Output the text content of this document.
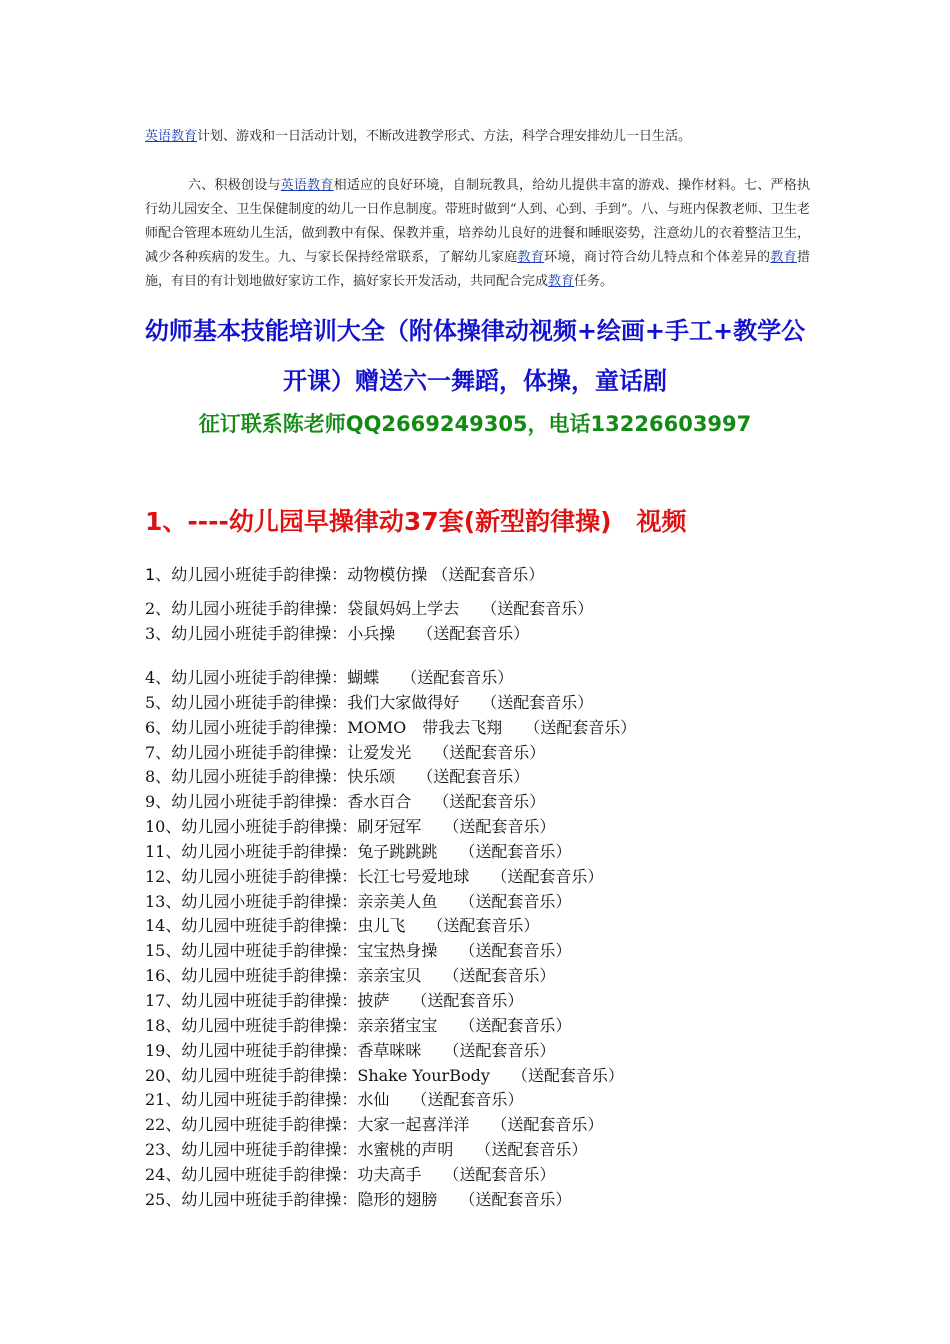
英语教育计划、游戏和一日活动计划，不断改进教学形式、方法，科学合理安排幼儿一日生活。
六、积极创设与英语教育相适应的良好环境，自制玩教具，给幼儿提供丰富的游戏、操作材料。七、严格执行幼儿园安全、卫生保健制度的幼儿一日作息制度。带班时做到“人到、心到、手到”。八、与班内保教老师、卫生老师配合管理本班幼儿生活，做到教中有保、保教并重，培养幼儿良好的进餐和睡眠姿势，注意幼儿的衣着整洁卫生，减少各种疾病的发生。九、与家长保持经常联系，了解幼儿家庭教育环境，商讨符合幼儿特点和个体差异的教育措施，有目的有计划地做好家访工作，搞好家长开发活动，共同配合完成教育任务。
幼师基本技能培训大全（附体操律动视频+绘画+手工+教学公开课）赠送六一舞蹈，体操，童话剧
征订联系陈老师QQ2669249305，电话13226603997
1、----幼儿园早操律动37套(新型韵律操)　视频
1、幼儿园小班徒手韵律操：动物模仿操 （送配套音乐）
2、幼儿园小班徒手韵律操：袋鼠妈妈上学去 （送配套音乐）
3、幼儿园小班徒手韵律操：小兵操 （送配套音乐）
4、幼儿园小班徒手韵律操：蝴蝶 （送配套音乐）
5、幼儿园小班徒手韵律操：我们大家做得好 （送配套音乐）
6、幼儿园小班徒手韵律操：MOMO　带我去飞翔 （送配套音乐）
7、幼儿园小班徒手韵律操：让爱发光 （送配套音乐）
8、幼儿园小班徒手韵律操：快乐颂 （送配套音乐）
9、幼儿园小班徒手韵律操：香水百合 （送配套音乐）
10、幼儿园小班徒手韵律操：刷牙冠军 （送配套音乐）
11、幼儿园小班徒手韵律操：兔子跳跳跳 （送配套音乐）
12、幼儿园小班徒手韵律操：长江七号爱地球 （送配套音乐）
13、幼儿园小班徒手韵律操：亲亲美人鱼 （送配套音乐）
14、幼儿园中班徒手韵律操：虫儿飞 （送配套音乐）
15、幼儿园中班徒手韵律操：宝宝热身操 （送配套音乐）
16、幼儿园中班徒手韵律操：亲亲宝贝 （送配套音乐）
17、幼儿园中班徒手韵律操：披萨 （送配套音乐）
18、幼儿园中班徒手韵律操：亲亲猪宝宝 （送配套音乐）
19、幼儿园中班徒手韵律操：香草咪咪 （送配套音乐）
20、幼儿园中班徒手韵律操：Shake YourBody （送配套音乐）
21、幼儿园中班徒手韵律操：水仙 （送配套音乐）
22、幼儿园中班徒手韵律操：大家一起喜洋洋 （送配套音乐）
23、幼儿园中班徒手韵律操：水蜜桃的声明 （送配套音乐）
24、幼儿园中班徒手韵律操：功夫高手 （送配套音乐）
25、幼儿园中班徒手韵律操：隐形的翅膀 （送配套音乐）
